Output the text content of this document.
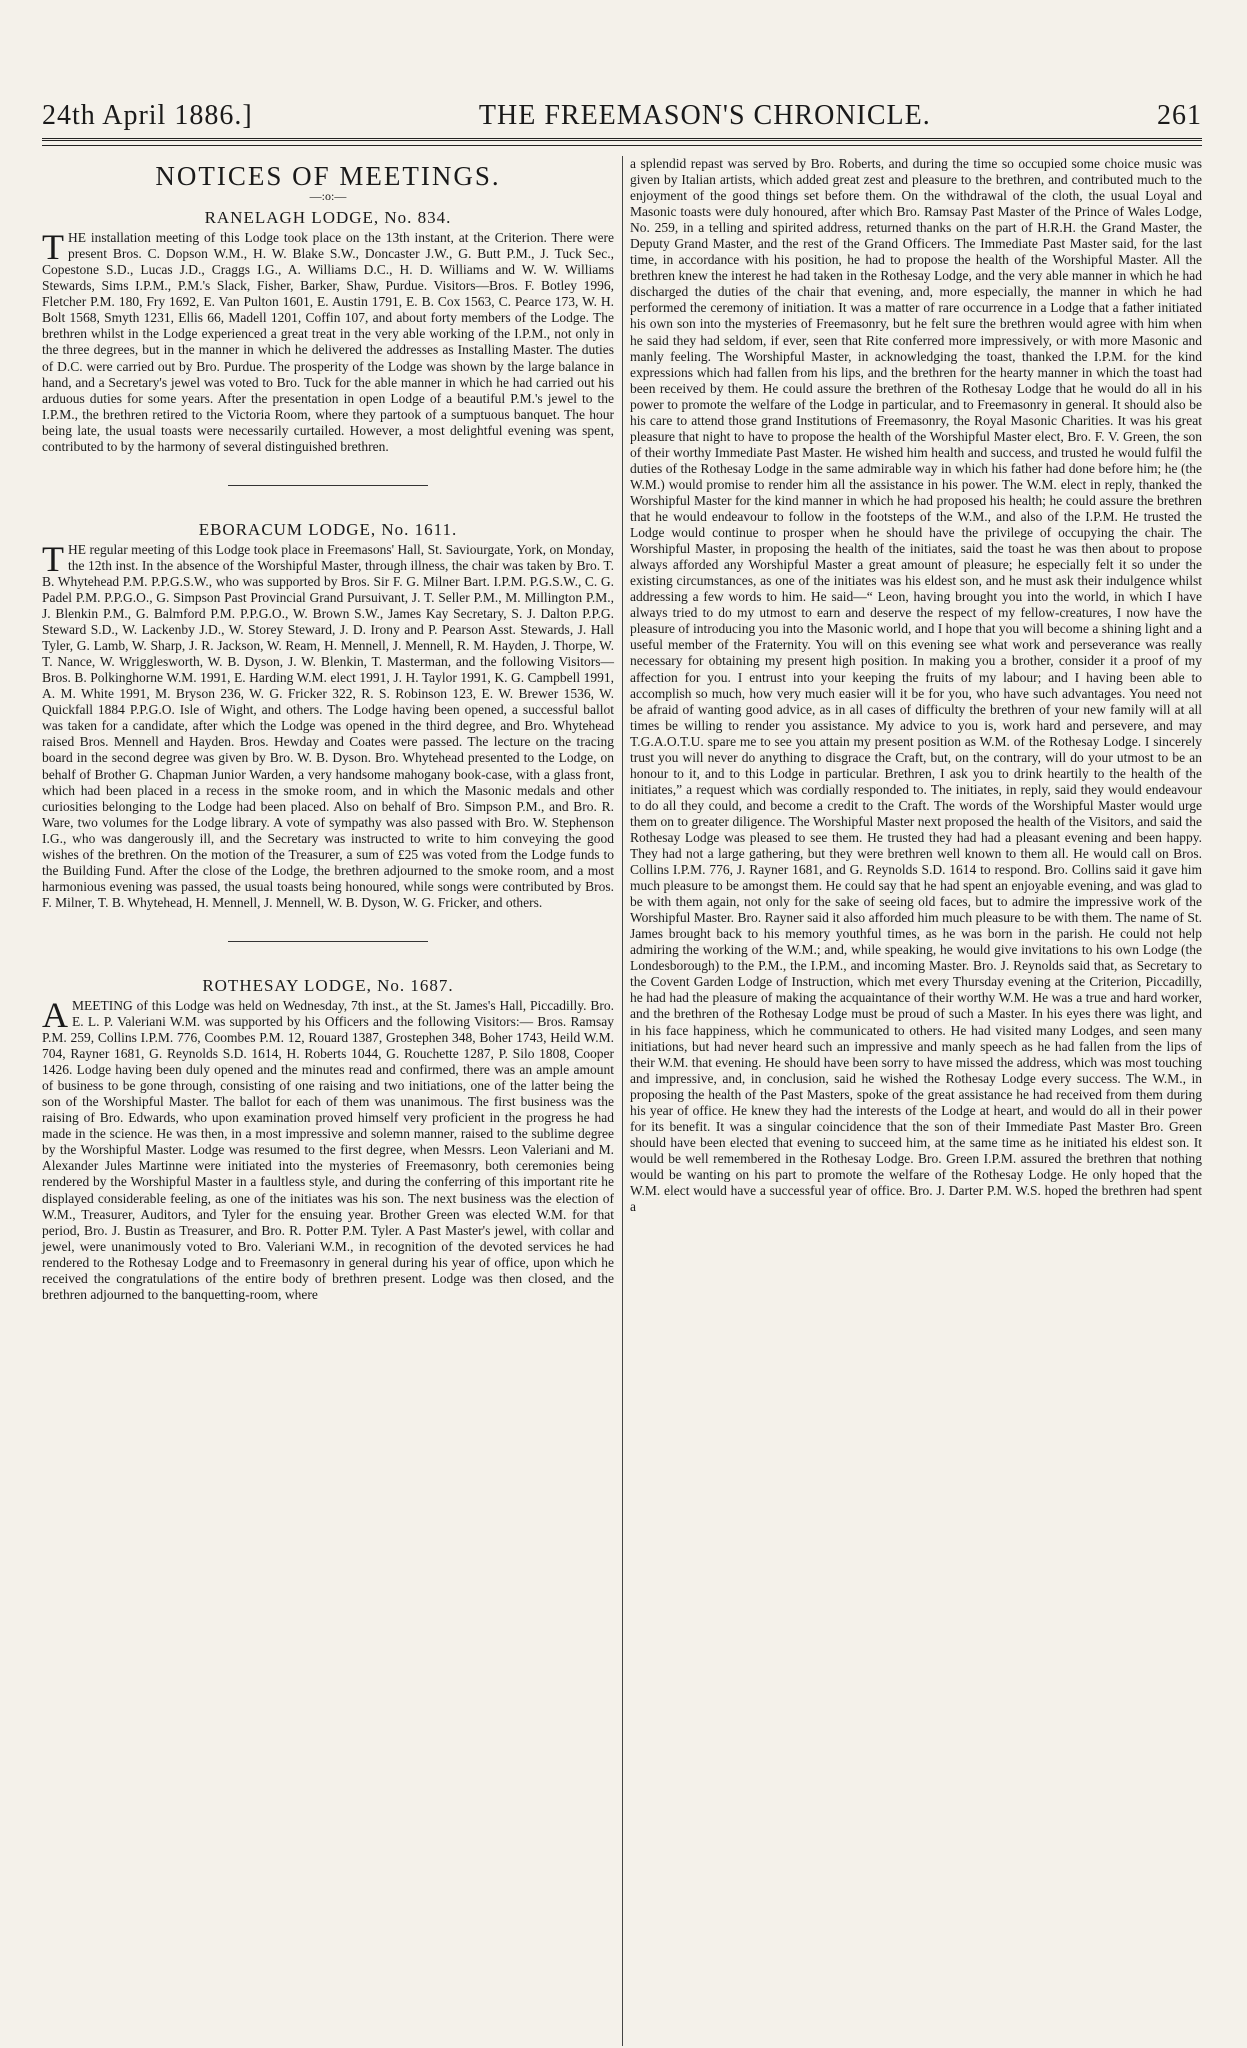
24th April 1886.]	THE FREEMASON'S CHRONICLE.	261
NOTICES OF MEETINGS.
—:o:—
RANELAGH LODGE, No. 834.

THE installation meeting of this Lodge took place on the 13th instant, at the Criterion. There were present Bros. C. Dopson W.M., H. W. Blake S.W., Doncaster J.W., G. Butt P.M., J. Tuck Sec., Copestone S.D., Lucas J.D., Craggs I.G., A. Williams D.C., H. D. Williams and W. W. Williams Stewards, Sims I.P.M., P.M.'s Slack, Fisher, Barker, Shaw, Purdue. Visitors—Bros. F. Botley 1996, Fletcher P.M. 180, Fry 1692, E. Van Pulton 1601, E. Austin 1791, E. B. Cox 1563, C. Pearce 173, W. H. Bolt 1568, Smyth 1231, Ellis 66, Madell 1201, Coffin 107, and about forty members of the Lodge. The brethren whilst in the Lodge experienced a great treat in the very able working of the I.P.M., not only in the three degrees, but in the manner in which he delivered the addresses as Installing Master. The duties of D.C. were carried out by Bro. Purdue. The prosperity of the Lodge was shown by the large balance in hand, and a Secretary's jewel was voted to Bro. Tuck for the able manner in which he had carried out his arduous duties for some years. After the presentation in open Lodge of a beautiful P.M.'s jewel to the I.P.M., the brethren retired to the Victoria Room, where they partook of a sumptuous banquet. The hour being late, the usual toasts were necessarily curtailed. However, a most delightful evening was spent, contributed to by the harmony of several distinguished brethren.

EBORACUM LODGE, No. 1611.

THE regular meeting of this Lodge took place in Freemasons' Hall, St. Saviourgate, York, on Monday, the 12th inst. In the absence of the Worshipful Master, through illness, the chair was taken by Bro. T. B. Whytehead P.M. P.P.G.S.W., who was supported by Bros. Sir F. G. Milner Bart. I.P.M. P.G.S.W., C. G. Padel P.M. P.P.G.O., G. Simpson Past Provincial Grand Pursuivant, J. T. Seller P.M., M. Millington P.M., J. Blenkin P.M., G. Balmford P.M. P.P.G.O., W. Brown S.W., James Kay Secretary, S. J. Dalton P.P.G. Steward S.D., W. Lackenby J.D., W. Storey Steward, J. D. Irony and P. Pearson Asst. Stewards, J. Hall Tyler, G. Lamb, W. Sharp, J. R. Jackson, W. Ream, H. Mennell, J. Mennell, R. M. Hayden, J. Thorpe, W. T. Nance, W. Wrigglesworth, W. B. Dyson, J. W. Blenkin, T. Masterman, and the following Visitors—Bros. B. Polkinghorne W.M. 1991, E. Harding W.M. elect 1991, J. H. Taylor 1991, K. G. Campbell 1991, A. M. White 1991, M. Bryson 236, W. G. Fricker 322, R. S. Robinson 123, E. W. Brewer 1536, W. Quickfall 1884 P.P.G.O. Isle of Wight, and others. The Lodge having been opened, a successful ballot was taken for a candidate, after which the Lodge was opened in the third degree, and Bro. Whytehead raised Bros. Mennell and Hayden. Bros. Hewday and Coates were passed. The lecture on the tracing board in the second degree was given by Bro. W. B. Dyson. Bro. Whytehead presented to the Lodge, on behalf of Brother G. Chapman Junior Warden, a very handsome mahogany book-case, with a glass front, which had been placed in a recess in the smoke room, and in which the Masonic medals and other curiosities belonging to the Lodge had been placed. Also on behalf of Bro. Simpson P.M., and Bro. R. Ware, two volumes for the Lodge library. A vote of sympathy was also passed with Bro. W. Stephenson I.G., who was dangerously ill, and the Secretary was instructed to write to him conveying the good wishes of the brethren. On the motion of the Treasurer, a sum of £25 was voted from the Lodge funds to the Building Fund. After the close of the Lodge, the brethren adjourned to the smoke room, and a most harmonious evening was passed, the usual toasts being honoured, while songs were contributed by Bros. F. Milner, T. B. Whytehead, H. Mennell, J. Mennell, W. B. Dyson, W. G. Fricker, and others.

ROTHESAY LODGE, No. 1687.

AMEETING of this Lodge was held on Wednesday, 7th inst., at the St. James's Hall, Piccadilly. Bro. E. L. P. Valeriani W.M. was supported by his Officers and the following Visitors:— Bros. Ramsay P.M. 259, Collins I.P.M. 776, Coombes P.M. 12, Rouard 1387, Grostephen 348, Boher 1743, Heild W.M. 704, Rayner 1681, G. Reynolds S.D. 1614, H. Roberts 1044, G. Rouchette 1287, P. Silo 1808, Cooper 1426. Lodge having been duly opened and the minutes read and confirmed, there was an ample amount of business to be gone through, consisting of one raising and two initiations, one of the latter being the son of the Worshipful Master. The ballot for each of them was unanimous. The first business was the raising of Bro. Edwards, who upon examination proved himself very proficient in the progress he had made in the science. He was then, in a most impressive and solemn manner, raised to the sublime degree by the Worshipful Master. Lodge was resumed to the first degree, when Messrs. Leon Valeriani and M. Alexander Jules Martinne were initiated into the mysteries of Freemasonry, both ceremonies being rendered by the Worshipful Master in a faultless style, and during the conferring of this important rite he displayed considerable feeling, as one of the initiates was his son. The next business was the election of W.M., Treasurer, Auditors, and Tyler for the ensuing year. Brother Green was elected W.M. for that period, Bro. J. Bustin as Treasurer, and Bro. R. Potter P.M. Tyler. A Past Master's jewel, with collar and jewel, were unanimously voted to Bro. Valeriani W.M., in recognition of the devoted services he had rendered to the Rothesay Lodge and to Freemasonry in general during his year of office, upon which he received the congratulations of the entire body of brethren present. Lodge was then closed, and the brethren adjourned to the banquetting-room, where

a splendid repast was served by Bro. Roberts, and during the time so occupied some choice music was given by Italian artists, which added great zest and pleasure to the brethren, and contributed much to the enjoyment of the good things set before them. On the withdrawal of the cloth, the usual Loyal and Masonic toasts were duly honoured, after which Bro. Ramsay Past Master of the Prince of Wales Lodge, No. 259, in a telling and spirited address, returned thanks on the part of H.R.H. the Grand Master, the Deputy Grand Master, and the rest of the Grand Officers. The Immediate Past Master said, for the last time, in accordance with his position, he had to propose the health of the Worshipful Master. All the brethren knew the interest he had taken in the Rothesay Lodge, and the very able manner in which he had discharged the duties of the chair that evening, and, more especially, the manner in which he had performed the ceremony of initiation. It was a matter of rare occurrence in a Lodge that a father initiated his own son into the mysteries of Freemasonry, but he felt sure the brethren would agree with him when he said they had seldom, if ever, seen that Rite conferred more impressively, or with more Masonic and manly feeling. The Worshipful Master, in acknowledging the toast, thanked the I.P.M. for the kind expressions which had fallen from his lips, and the brethren for the hearty manner in which the toast had been received by them. He could assure the brethren of the Rothesay Lodge that he would do all in his power to promote the welfare of the Lodge in particular, and to Freemasonry in general. It should also be his care to attend those grand Institutions of Freemasonry, the Royal Masonic Charities. It was his great pleasure that night to have to propose the health of the Worshipful Master elect, Bro. F. V. Green, the son of their worthy Immediate Past Master. He wished him health and success, and trusted he would fulfil the duties of the Rothesay Lodge in the same admirable way in which his father had done before him; he (the W.M.) would promise to render him all the assistance in his power. The W.M. elect in reply, thanked the Worshipful Master for the kind manner in which he had proposed his health; he could assure the brethren that he would endeavour to follow in the footsteps of the W.M., and also of the I.P.M. He trusted the Lodge would continue to prosper when he should have the privilege of occupying the chair. The Worshipful Master, in proposing the health of the initiates, said the toast he was then about to propose always afforded any Worshipful Master a great amount of pleasure; he especially felt it so under the existing circumstances, as one of the initiates was his eldest son, and he must ask their indulgence whilst addressing a few words to him. He said—“ Leon, having brought you into the world, in which I have always tried to do my utmost to earn and deserve the respect of my fellow-creatures, I now have the pleasure of introducing you into the Masonic world, and I hope that you will become a shining light and a useful member of the Fraternity. You will on this evening see what work and perseverance was really necessary for obtaining my present high position. In making you a brother, consider it a proof of my affection for you. I entrust into your keeping the fruits of my labour; and I having been able to accomplish so much, how very much easier will it be for you, who have such advantages. You need not be afraid of wanting good advice, as in all cases of difficulty the brethren of your new family will at all times be willing to render you assistance. My advice to you is, work hard and persevere, and may T.G.A.O.T.U. spare me to see you attain my present position as W.M. of the Rothesay Lodge. I sincerely trust you will never do anything to disgrace the Craft, but, on the contrary, will do your utmost to be an honour to it, and to this Lodge in particular. Brethren, I ask you to drink heartily to the health of the initiates,” a request which was cordially responded to. The initiates, in reply, said they would endeavour to do all they could, and become a credit to the Craft. The words of the Worshipful Master would urge them on to greater diligence. The Worshipful Master next proposed the health of the Visitors, and said the Rothesay Lodge was pleased to see them. He trusted they had had a pleasant evening and been happy. They had not a large gathering, but they were brethren well known to them all. He would call on Bros. Collins I.P.M. 776, J. Rayner 1681, and G. Reynolds S.D. 1614 to respond. Bro. Collins said it gave him much pleasure to be amongst them. He could say that he had spent an enjoyable evening, and was glad to be with them again, not only for the sake of seeing old faces, but to admire the impressive work of the Worshipful Master. Bro. Rayner said it also afforded him much pleasure to be with them. The name of St. James brought back to his memory youthful times, as he was born in the parish. He could not help admiring the working of the W.M.; and, while speaking, he would give invitations to his own Lodge (the Londesborough) to the P.M., the I.P.M., and incoming Master. Bro. J. Reynolds said that, as Secretary to the Covent Garden Lodge of Instruction, which met every Thursday evening at the Criterion, Piccadilly, he had had the pleasure of making the acquaintance of their worthy W.M. He was a true and hard worker, and the brethren of the Rothesay Lodge must be proud of such a Master. In his eyes there was light, and in his face happiness, which he communicated to others. He had visited many Lodges, and seen many initiations, but had never heard such an impressive and manly speech as he had fallen from the lips of their W.M. that evening. He should have been sorry to have missed the address, which was most touching and impressive, and, in conclusion, said he wished the Rothesay Lodge every success. The W.M., in proposing the health of the Past Masters, spoke of the great assistance he had received from them during his year of office. He knew they had the interests of the Lodge at heart, and would do all in their power for its benefit. It was a singular coincidence that the son of their Immediate Past Master Bro. Green should have been elected that evening to succeed him, at the same time as he initiated his eldest son. It would be well remembered in the Rothesay Lodge. Bro. Green I.P.M. assured the brethren that nothing would be wanting on his part to promote the welfare of the Rothesay Lodge. He only hoped that the W.M. elect would have a successful year of office. Bro. J. Darter P.M. W.S. hoped the brethren had spent a
